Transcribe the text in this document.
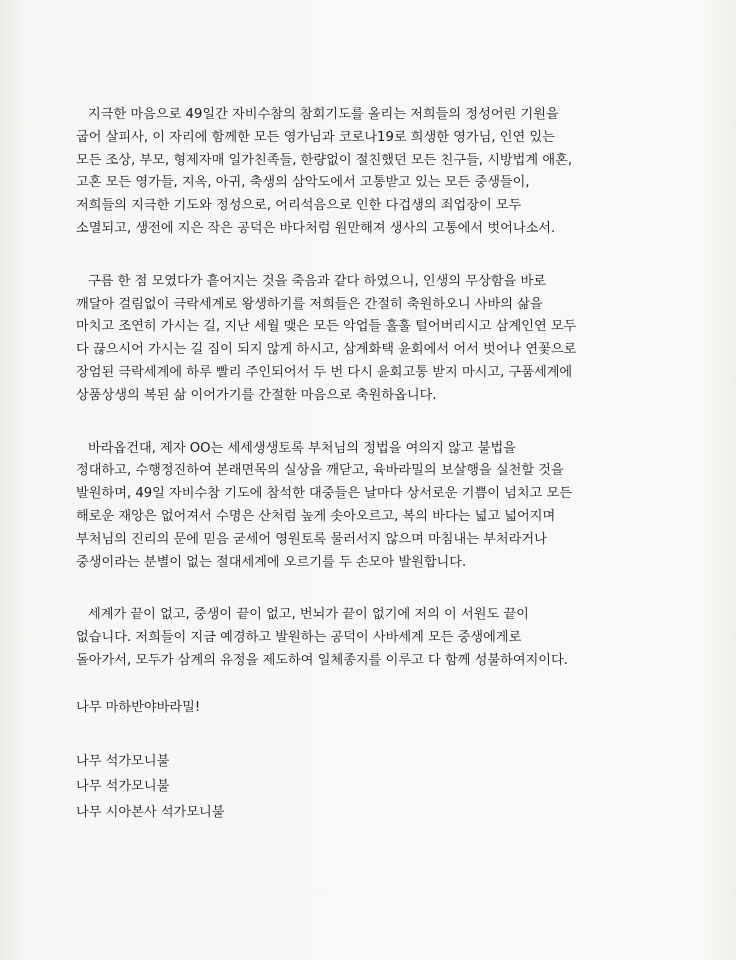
지극한 마음으로 49일간 자비수참의 참회기도를 올리는 저희들의 정성어린 기원을
굽어 살피사, 이 자리에 함께한 모든 영가님과 코로나19로 희생한 영가님, 인연 있는
모든 조상, 부모, 형제자매 일가친족들, 한량없이 절친했던 모든 친구들, 시방법계 애혼,
고혼 모든 영가들, 지옥, 아귀, 축생의 삼악도에서 고통받고 있는 모든 중생들이,
저희들의 지극한 기도와 정성으로, 어리석음으로 인한 다겁생의 죄업장이 모두
소멸되고, 생전에 지은 작은 공덕은 바다처럼 원만해져 생사의 고통에서 벗어나소서.
구름 한 점 모였다가 흩어지는 것을 죽음과 같다 하였으니, 인생의 무상함을 바로
깨달아 걸림없이 극락세계로 왕생하기를 저희들은 간절히 축원하오니 사바의 삶을
마치고 조연히 가시는 길, 지난 세월 맺은 모든 악업들 훌훌 털어버리시고 삼계인연 모두
다 끊으시어 가시는 길 짐이 되지 않게 하시고, 삼계화택 윤회에서 어서 벗어나 연꽃으로
장엄된 극락세계에 하루 빨리 주인되어서 두 번 다시 윤회고통 받지 마시고, 구품세계에
상품상생의 복된 삶 이어가기를 간절한 마음으로 축원하옵니다.
바라옵건대, 제자 OO는 세세생생토록 부처님의 정법을 여의지 않고 불법을
정대하고, 수행정진하여 본래면목의 실상을 깨닫고, 육바라밀의 보살행을 실천할 것을
발원하며, 49일 자비수참 기도에 참석한 대중들은 날마다 상서로운 기쁨이 넘치고 모든
해로운 재앙은 없어져서 수명은 산처럼 높게 솟아오르고, 복의 바다는 넓고 넓어지며
부처님의 진리의 문에 믿음 굳세어 영원토록 물러서지 않으며 마침내는 부처라거나
중생이라는 분별이 없는 절대세계에 오르기를 두 손모아 발원합니다.
세계가 끝이 없고, 중생이 끝이 없고, 번뇌가 끝이 없기에 저의 이 서원도 끝이
없습니다. 저희들이 지금 예경하고 발원하는 공덕이 사바세계 모든 중생에게로
돌아가서, 모두가 삼계의 유정을 제도하여 일체종지를 이루고 다 함께 성불하여지이다.
나무 마하반야바라밀!
나무 석가모니불
나무 석가모니불
나무 시아본사 석가모니불
